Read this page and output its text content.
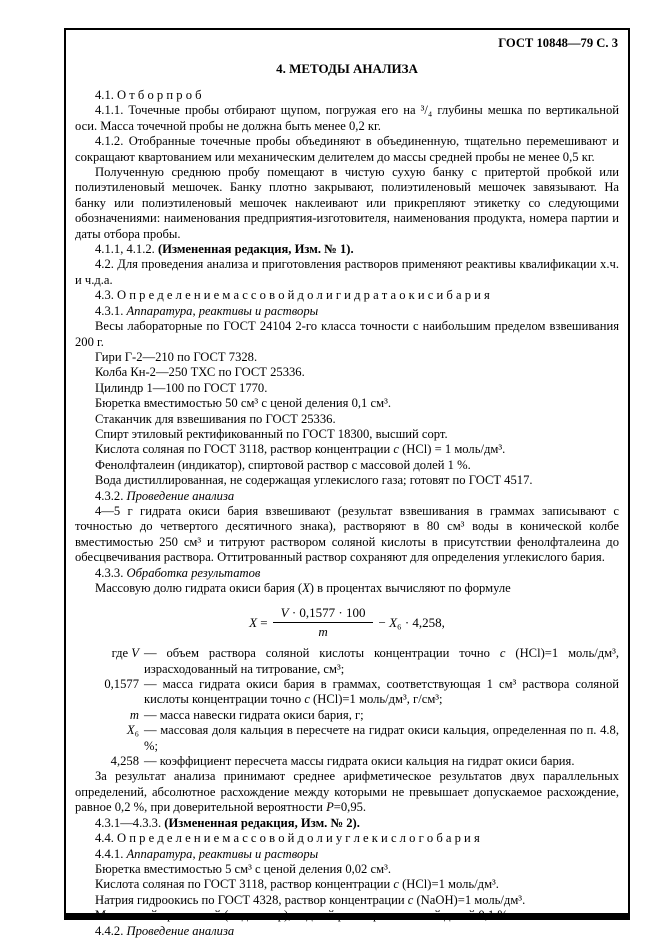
ГОСТ 10848—79 С. 3
4. МЕТОДЫ АНАЛИЗА

4.1. О т б о р п р о б

4.1.1. Точечные пробы отбирают щупом, погружая его на ³/₄ глубины мешка по вертикальной оси. Масса точечной пробы не должна быть менее 0,2 кг.

4.1.2. Отобранные точечные пробы объединяют в объединенную, тщательно перемешивают и сокращают квартованием или механическим делителем до массы средней пробы не менее 0,5 кг.

Полученную среднюю пробу помещают в чистую сухую банку с притертой пробкой или полиэтиленовый мешочек. Банку плотно закрывают, полиэтиленовый мешочек завязывают. На банку или полиэтиленовый мешочек наклеивают или прикрепляют этикетку со следующими обозначениями: наименования предприятия-изготовителя, наименования продукта, номера партии и даты отбора пробы.

4.1.1, 4.1.2. (Измененная редакция, Изм. № 1).

4.2. Для проведения анализа и приготовления растворов применяют реактивы квалификации х.ч. и ч.д.а.

4.3. О п р е д е л е н и е м а с с о в о й д о л и г и д р а т а о к и с и б а р и я

4.3.1. Аппаратура, реактивы и растворы

Весы лабораторные по ГОСТ 24104 2-го класса точности с наибольшим пределом взвешивания 200 г.

Гири Г-2—210 по ГОСТ 7328.

Колба Кн-2—250 ТХС по ГОСТ 25336.

Цилиндр 1—100 по ГОСТ 1770.

Бюретка вместимостью 50 см³ с ценой деления 0,1 см³.

Стаканчик для взвешивания по ГОСТ 25336.

Спирт этиловый ректификованный по ГОСТ 18300, высший сорт.

Кислота соляная по ГОСТ 3118, раствор концентрации с (HCl) = 1 моль/дм³.

Фенолфталеин (индикатор), спиртовой раствор с массовой долей 1 %.

Вода дистиллированная, не содержащая углекислого газа; готовят по ГОСТ 4517.

4.3.2. Проведение анализа

4—5 г гидрата окиси бария взвешивают (результат взвешивания в граммах записывают с точностью до четвертого десятичного знака), растворяют в 80 см³ воды в конической колбе вместимостью 250 см³ и титруют раствором соляной кислоты в присутствии фенолфталеина до обесцвечивания раствора. Оттитрованный раствор сохраняют для определения углекислого бария.

4.3.3. Обработка результатов

Массовую долю гидрата окиси бария (X) в процентах вычисляют по формуле

$X = \frac{V \cdot 0,1577 \cdot 100}{m} - X_6 \cdot 4,258$,
где V — объем раствора соляной кислоты концентрации точно с (HCl)=1 моль/дм³, израсходованный на титрование, см³;
0,1577 — масса гидрата окиси бария в граммах, соответствующая 1 см³ раствора соляной кислоты концентрации точно с (HCl)=1 моль/дм³, г/см³;
m — масса навески гидрата окиси бария, г;
X₆ — массовая доля кальция в пересчете на гидрат окиси кальция, определенная по п. 4.8, %;
4,258 — коэффициент пересчета массы гидрата окиси кальция на гидрат окиси бария.

За результат анализа принимают среднее арифметическое результатов двух параллельных определений, абсолютное расхождение между которыми не превышает допускаемое расхождение, равное 0,2 %, при доверительной вероятности Р=0,95.

4.3.1—4.3.3. (Измененная редакция, Изм. № 2).

4.4. О п р е д е л е н и е м а с с о в о й д о л и у г л е к и с л о г о б а р и я

4.4.1. Аппаратура, реактивы и растворы

Бюретка вместимостью 5 см³ с ценой деления 0,02 см³.

Кислота соляная по ГОСТ 3118, раствор концентрации с (HCl)=1 моль/дм³.

Натрия гидроокись по ГОСТ 4328, раствор концентрации с (NaOH)=1 моль/дм³.

Метиловый оранжевый (индикатор), водный раствор с массовой долей 0,1 %.

4.4.2. Проведение анализа
